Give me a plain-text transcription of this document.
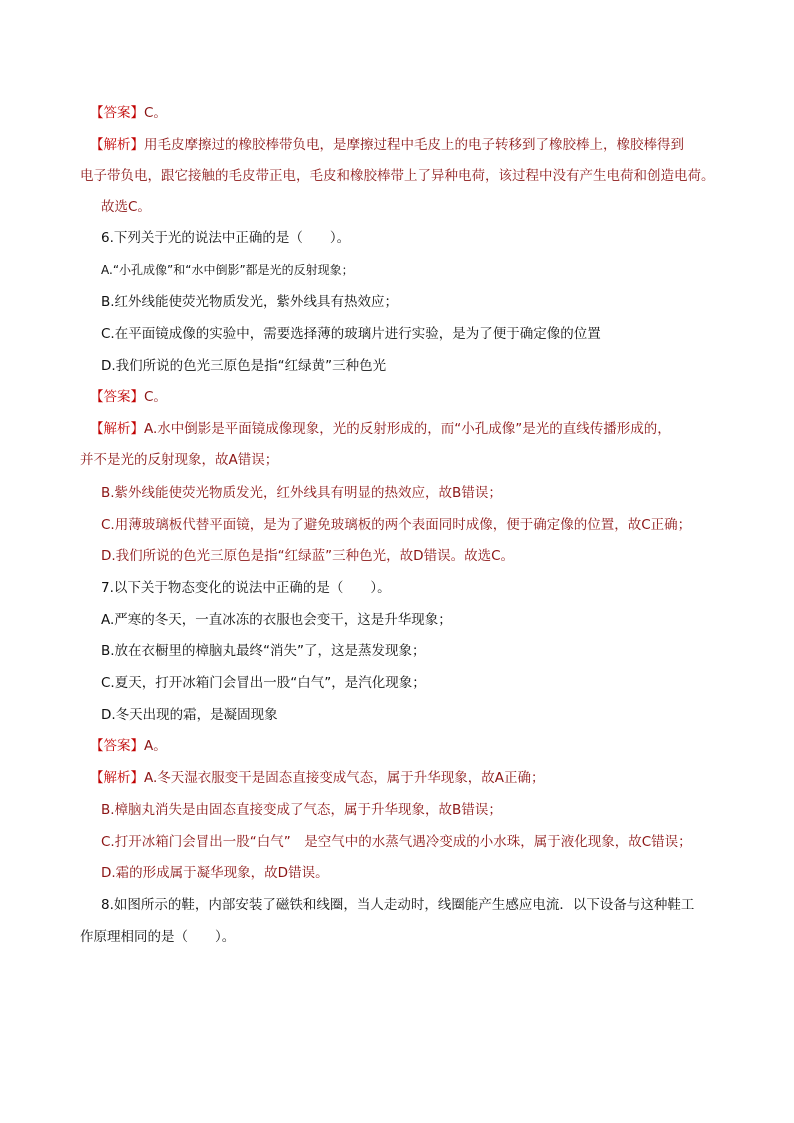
【答案】C。
【解析】用毛皮摩擦过的橡胶棒带负电，是摩擦过程中毛皮上的电子转移到了橡胶棒上，橡胶棒得到
电子带负电，跟它接触的毛皮带正电，毛皮和橡胶棒带上了异种电荷，该过程中没有产生电荷和创造电荷。
故选C。
6.下列关于光的说法中正确的是（　　）。
A.“小孔成像”和“水中倒影”都是光的反射现象；
B.红外线能使荧光物质发光，紫外线具有热效应；
C.在平面镜成像的实验中，需要选择薄的玻璃片进行实验，是为了便于确定像的位置
D.我们所说的色光三原色是指“红绿黄”三种色光
【答案】C。
【解析】A.水中倒影是平面镜成像现象，光的反射形成的，而“小孔成像”是光的直线传播形成的，
并不是光的反射现象，故A错误；
B.紫外线能使荧光物质发光，红外线具有明显的热效应，故B错误；
C.用薄玻璃板代替平面镜，是为了避免玻璃板的两个表面同时成像，便于确定像的位置，故C正确；
D.我们所说的色光三原色是指“红绿蓝”三种色光，故D错误。故选C。
7.以下关于物态变化的说法中正确的是（　　）。
A.严寒的冬天，一直冰冻的衣服也会变干，这是升华现象；
B.放在衣橱里的樟脑丸最终“消失”了，这是蒸发现象；
C.夏天，打开冰箱门会冒出一股“白气”，是汽化现象；
D.冬天出现的霜，是凝固现象
【答案】A。
【解析】A.冬天湿衣服变干是固态直接变成气态，属于升华现象，故A正确；
B.樟脑丸消失是由固态直接变成了气态，属于升华现象，故B错误；
C.打开冰箱门会冒出一股“白气”　是空气中的水蒸气遇冷变成的小水珠，属于液化现象，故C错误；
D.霜的形成属于凝华现象，故D错误。
8.如图所示的鞋，内部安装了磁铁和线圈，当人走动时，线圈能产生感应电流．以下设备与这种鞋工
作原理相同的是（　　）。
